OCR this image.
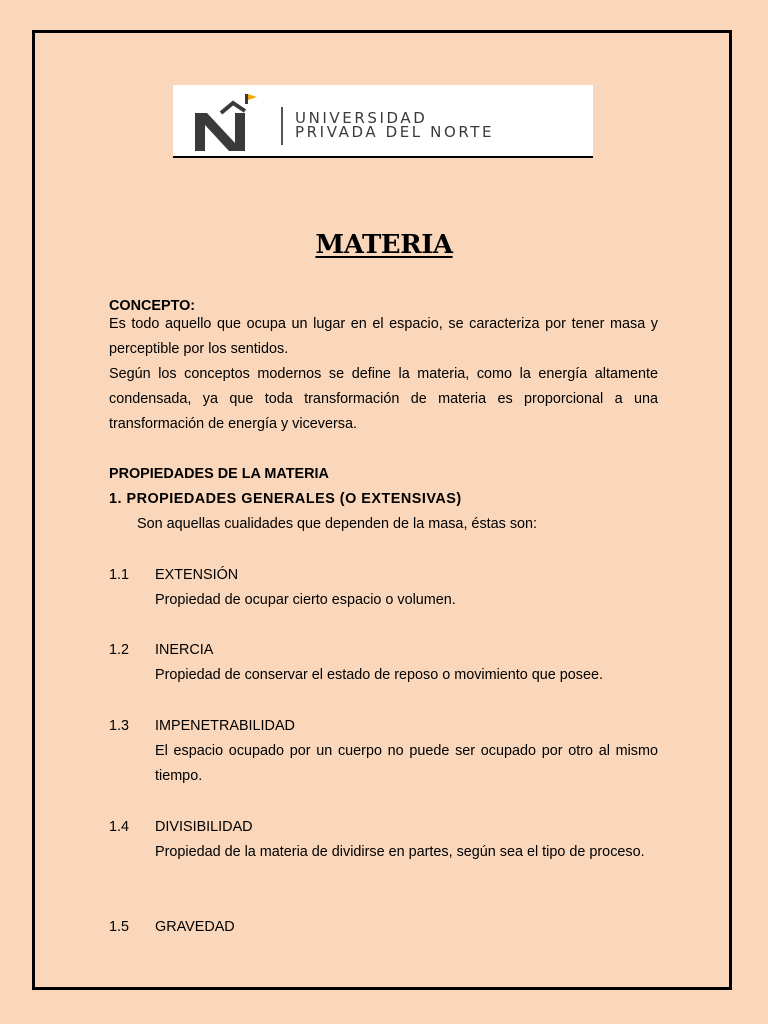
UNIVERSIDAD
PRIVADA DEL NORTE
MATERIA
CONCEPTO:
Es todo aquello que ocupa un lugar en el espacio, se caracteriza por tener masa y perceptible por los sentidos.
Según los conceptos modernos se define la materia, como la energía altamente condensada, ya que toda transformación de materia es proporcional a una transformación de energía y viceversa.
PROPIEDADES DE LA MATERIA
1. PROPIEDADES GENERALES (O EXTENSIVAS)
Son aquellas cualidades que dependen de la masa, éstas son:
1.1 EXTENSIÓN
Propiedad de ocupar cierto espacio o volumen.
1.2 INERCIA
Propiedad de conservar el estado de reposo o movimiento que posee.
1.3 IMPENETRABILIDAD
El espacio ocupado por un cuerpo no puede ser ocupado por otro al mismo tiempo.
1.4 DIVISIBILIDAD
Propiedad de la materia de dividirse en partes, según sea el tipo de proceso.
1.5 GRAVEDAD
